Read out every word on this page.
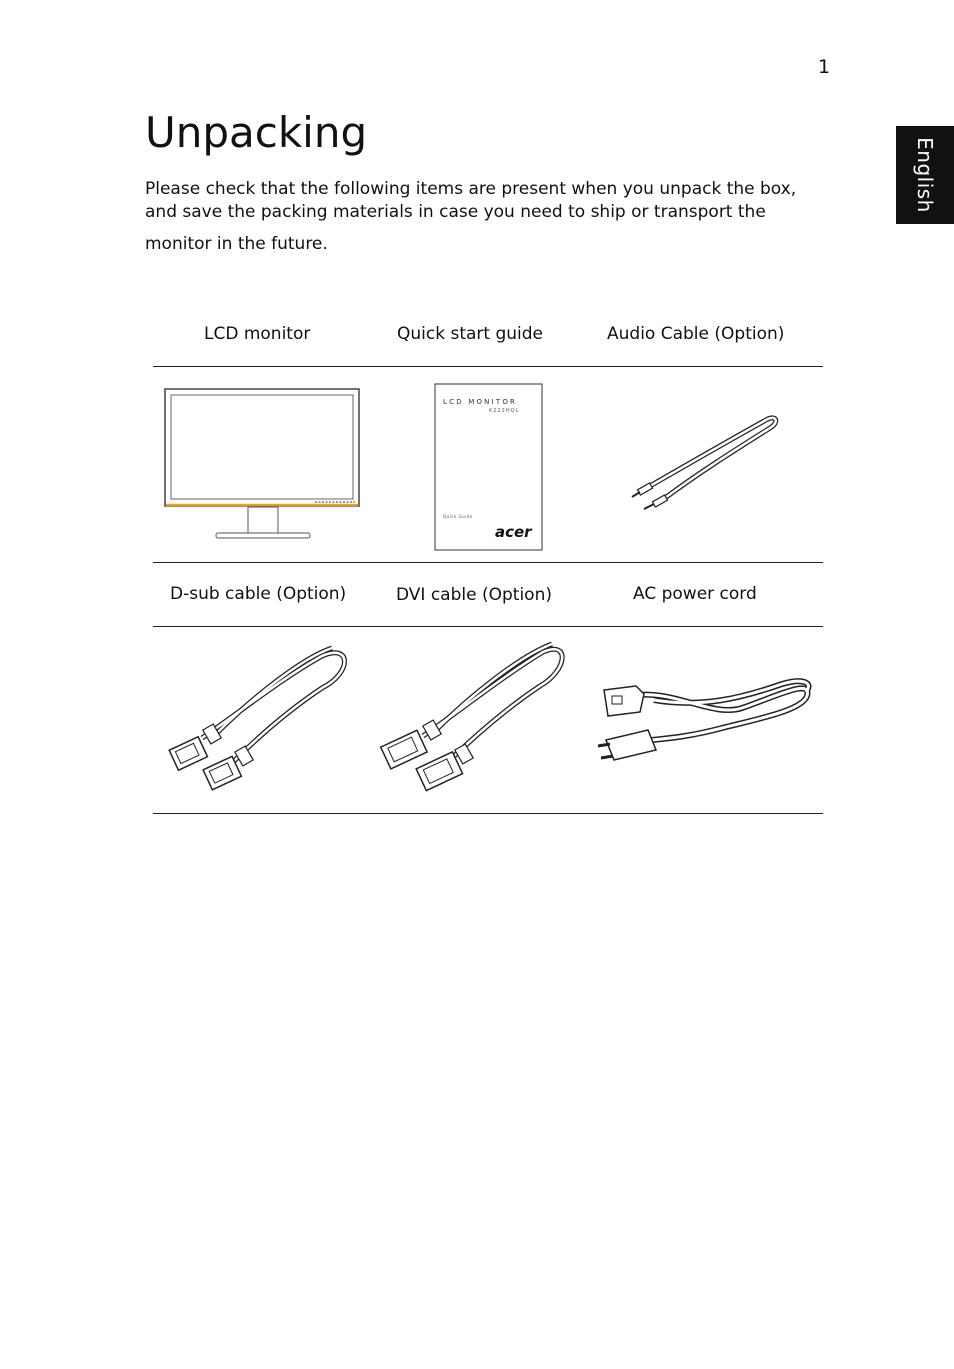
1
English
Unpacking

Please check that the following items are present when you unpack the box,
and save the packing materials in case you need to ship or transport the
monitor in the future.

LCD monitor	Quick start guide	Audio Cable (Option)
LCD MONITOR
K222HQL
Quick Guide
acer
D-sub cable (Option)	DVI cable (Option)	AC power cord
